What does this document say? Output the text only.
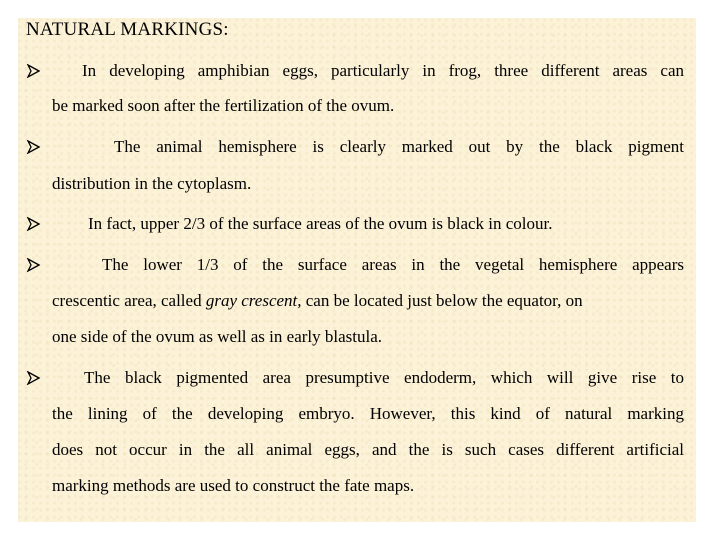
NATURAL MARKINGS:
In developing amphibian eggs, particularly in frog, three different areas can
be marked soon after the fertilization of the ovum.
The animal hemisphere is clearly marked out by the black pigment
distribution in the cytoplasm.
In fact, upper 2/3 of the surface areas of the ovum is black in colour.
The lower 1/3 of the surface areas in the vegetal hemisphere appears
crescentic area, called gray crescent, can be located just below the equator, on
one side of the ovum as well as in early blastula.
The black pigmented area presumptive endoderm, which will give rise to
the lining of the developing embryo. However, this kind of natural marking
does not occur in the all animal eggs, and the is such cases different artificial
marking methods are used to construct the fate maps.
